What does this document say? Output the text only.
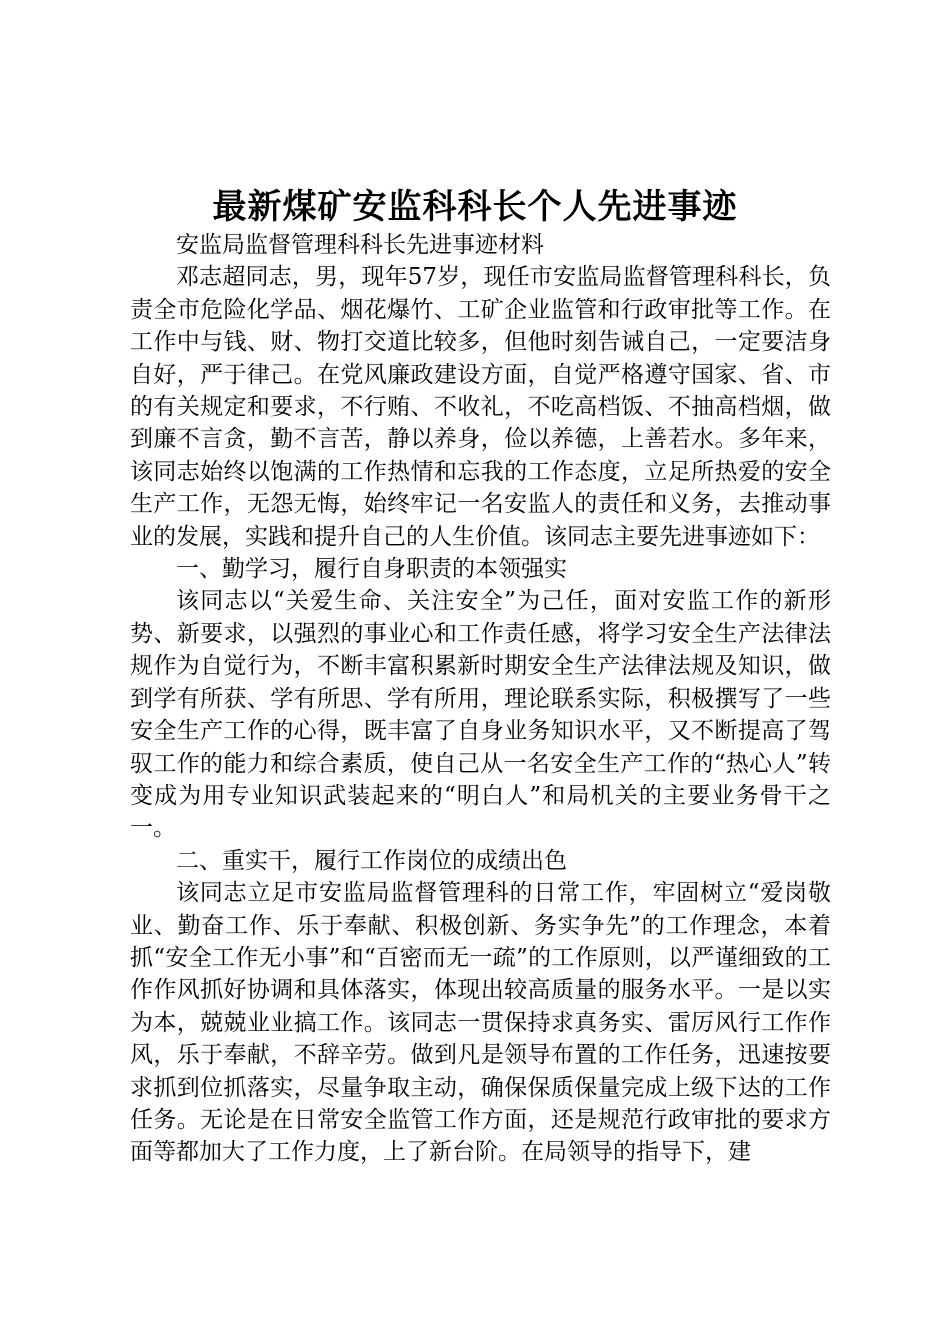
最新煤矿安监科科长个人先进事迹

安监局监督管理科科长先进事迹材料

邓志超同志，男，现年57岁，现任市安监局监督管理科科长，负责全市危险化学品、烟花爆竹、工矿企业监管和行政审批等工作。在工作中与钱、财、物打交道比较多，但他时刻告诫自己，一定要洁身自好，严于律己。在党风廉政建设方面，自觉严格遵守国家、省、市的有关规定和要求，不行贿、不收礼，不吃高档饭、不抽高档烟，做到廉不言贪，勤不言苦，静以养身，俭以养德，上善若水。多年来，该同志始终以饱满的工作热情和忘我的工作态度，立足所热爱的安全生产工作，无怨无悔，始终牢记一名安监人的责任和义务，去推动事业的发展，实践和提升自己的人生价值。该同志主要先进事迹如下：

一、勤学习，履行自身职责的本领强实

该同志以“关爱生命、关注安全”为己任，面对安监工作的新形势、新要求，以强烈的事业心和工作责任感，将学习安全生产法律法规作为自觉行为，不断丰富积累新时期安全生产法律法规及知识，做到学有所获、学有所思、学有所用，理论联系实际，积极撰写了一些安全生产工作的心得，既丰富了自身业务知识水平，又不断提高了驾驭工作的能力和综合素质，使自己从一名安全生产工作的“热心人”转变成为用专业知识武装起来的“明白人”和局机关的主要业务骨干之一。

二、重实干，履行工作岗位的成绩出色

该同志立足市安监局监督管理科的日常工作，牢固树立“爱岗敬业、勤奋工作、乐于奉献、积极创新、务实争先”的工作理念，本着抓“安全工作无小事”和“百密而无一疏”的工作原则，以严谨细致的工作作风抓好协调和具体落实，体现出较高质量的服务水平。一是以实为本，兢兢业业搞工作。该同志一贯保持求真务实、雷厉风行工作作风，乐于奉献，不辞辛劳。做到凡是领导布置的工作任务，迅速按要求抓到位抓落实，尽量争取主动，确保保质保量完成上级下达的工作任务。无论是在日常安全监管工作方面，还是规范行政审批的要求方面等都加大了工作力度，上了新台阶。在局领导的指导下，建
